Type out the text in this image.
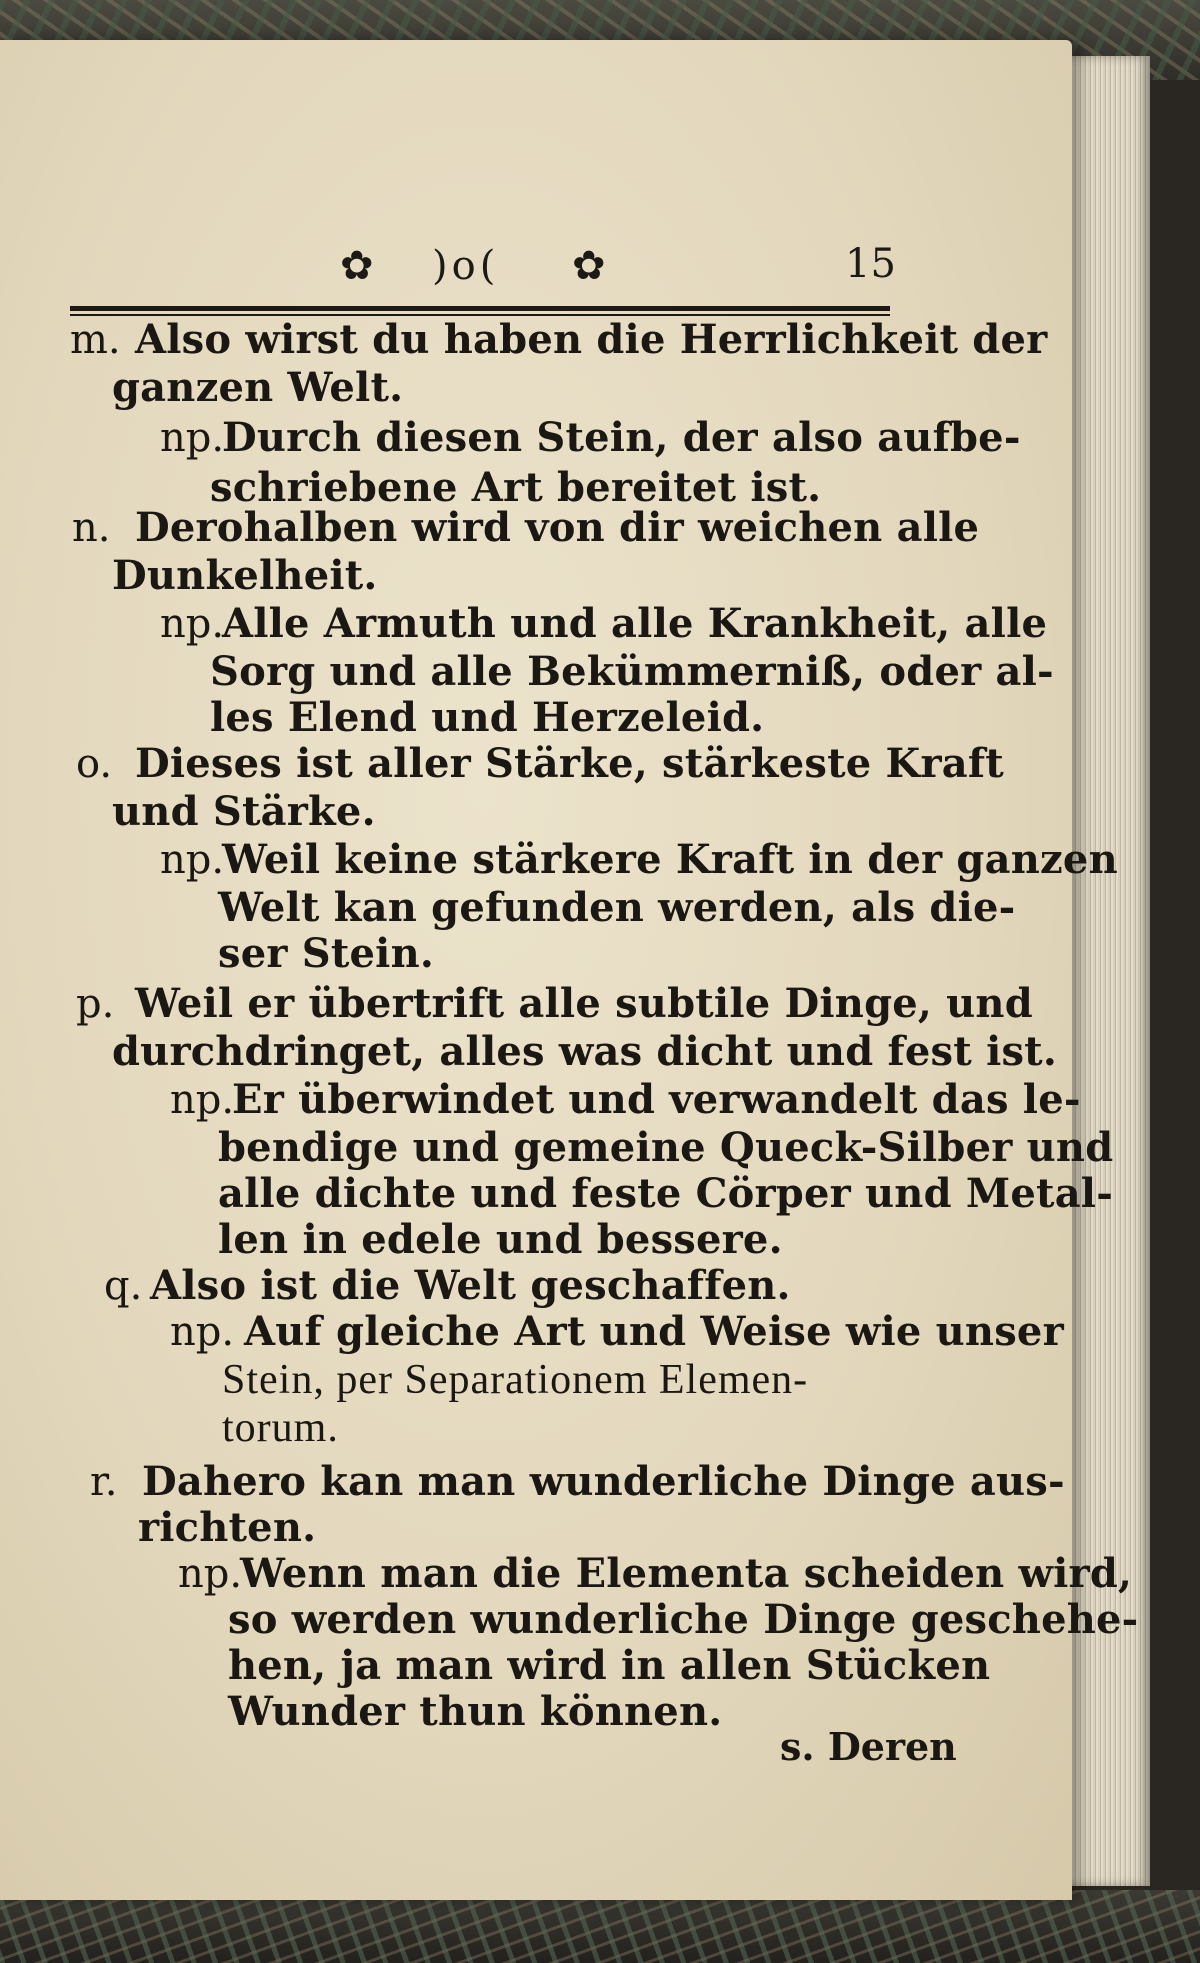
✿ )o( ✿	15
m. Also wirst du haben die Herrlichkeit der
ganzen Welt.
np.
Durch diesen Stein, der also aufbe-
schriebene Art bereitet ist.
n. Derohalben wird von dir weichen alle
Dunkelheit.
np.
Alle Armuth und alle Krankheit, alle
Sorg und alle Bekümmerniß, oder al-
les Elend und Herzeleid.
o. Dieses ist aller Stärke, stärkeste Kraft
und Stärke.
np.
Weil keine stärkere Kraft in der ganzen
Welt kan gefunden werden, als die-
ser Stein.
p. Weil er übertrift alle subtile Dinge, und
durchdringet, alles was dicht und fest ist.
np.
Er überwindet und verwandelt das le-
bendige und gemeine Queck-Silber und
alle dichte und feste Cörper und Metal-
len in edele und bessere.
q. Also ist die Welt geschaffen.
np. Auf gleiche Art und Weise wie unser
Stein, per Separationem Elemen-
torum.
r. Dahero kan man wunderliche Dinge aus-
richten.
np.
Wenn man die Elementa scheiden wird,
so werden wunderliche Dinge geschehe-
hen, ja man wird in allen Stücken
Wunder thun können.
s. Deren
